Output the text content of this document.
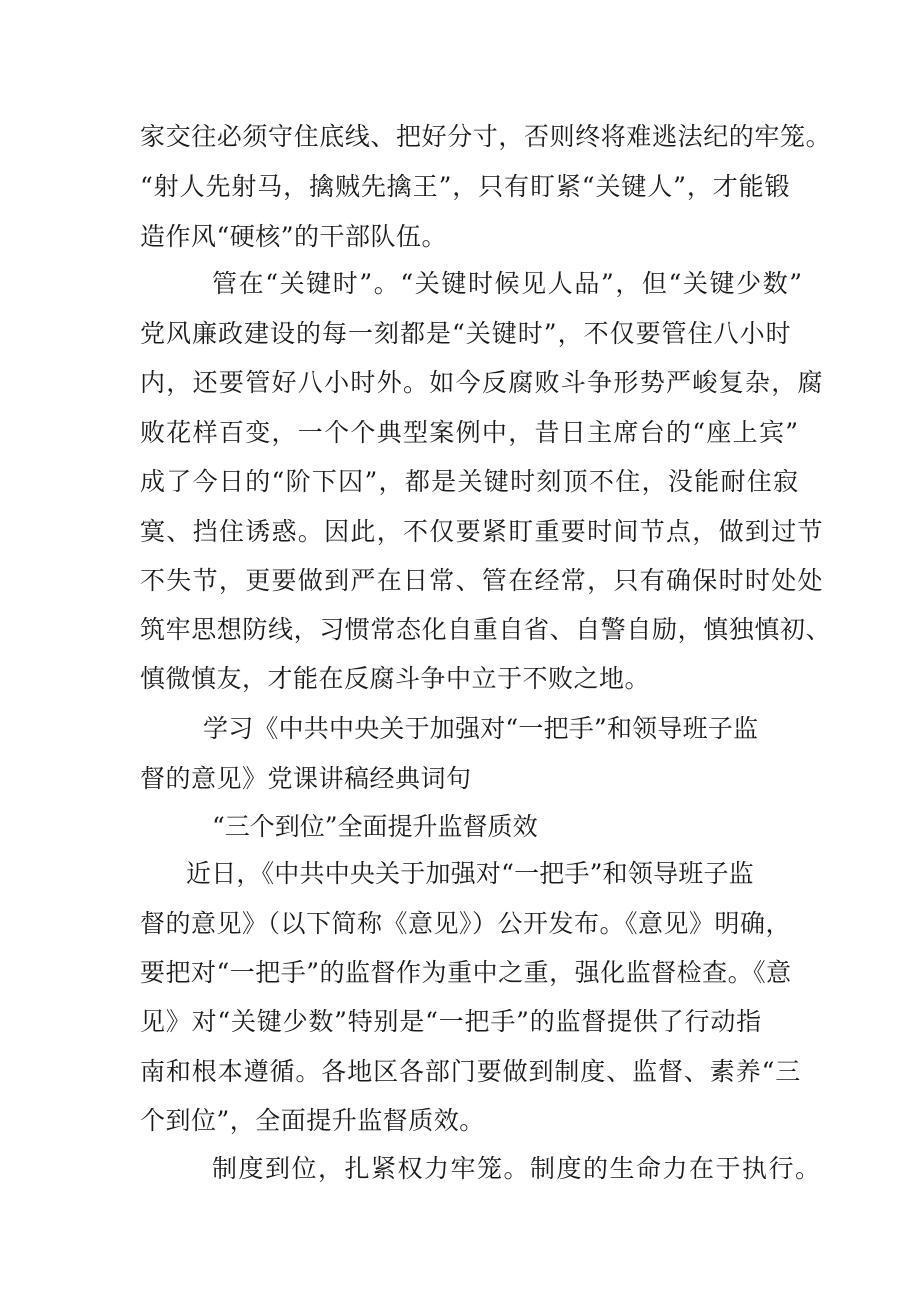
家交往必须守住底线、把好分寸，否则终将难逃法纪的牢笼。
“射人先射马，擒贼先擒王”，只有盯紧“关键人”，才能锻
造作风“硬核”的干部队伍。
管在“关键时”。“关键时候见人品”，但“关键少数”
党风廉政建设的每一刻都是“关键时”，不仅要管住八小时
内，还要管好八小时外。如今反腐败斗争形势严峻复杂，腐
败花样百变，一个个典型案例中，昔日主席台的“座上宾”
成了今日的“阶下囚”，都是关键时刻顶不住，没能耐住寂
寞、挡住诱惑。因此，不仅要紧盯重要时间节点，做到过节
不失节，更要做到严在日常、管在经常，只有确保时时处处
筑牢思想防线，习惯常态化自重自省、自警自励，慎独慎初、
慎微慎友，才能在反腐斗争中立于不败之地。
学习《中共中央关于加强对“一把手”和领导班子监
督的意见》党课讲稿经典词句
“三个到位”全面提升监督质效
近日，《中共中央关于加强对“一把手”和领导班子监
督的意见》（以下简称《意见》）公开发布。《意见》明确，
要把对“一把手”的监督作为重中之重，强化监督检查。《意
见》对“关键少数”特别是“一把手”的监督提供了行动指
南和根本遵循。各地区各部门要做到制度、监督、素养“三
个到位”，全面提升监督质效。
制度到位，扎紧权力牢笼。制度的生命力在于执行。
